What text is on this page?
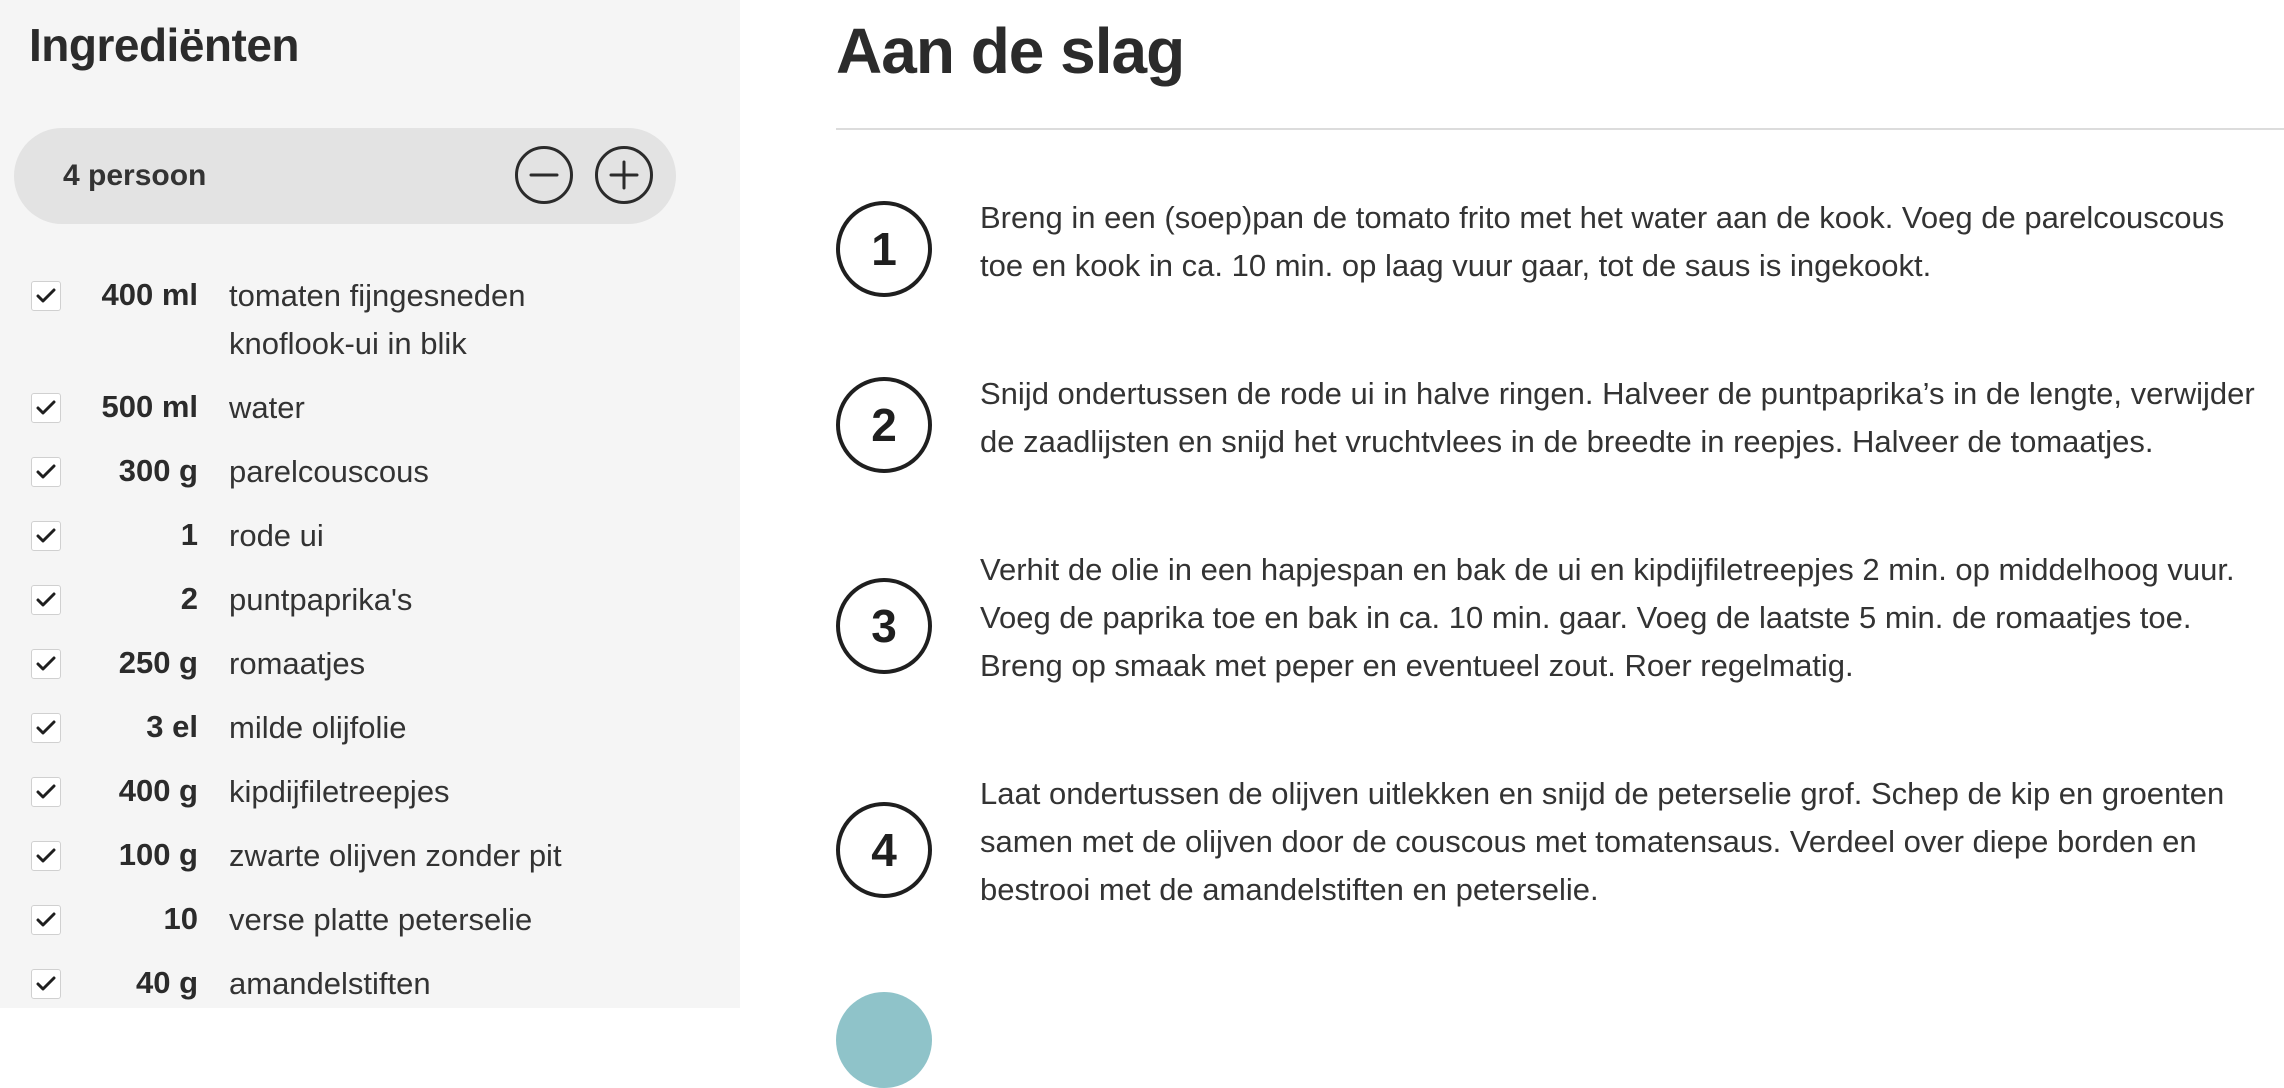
Ingrediënten
4 persoon
400 ml tomaten fijngesneden knoflook-ui in blik
500 ml water
300 g parelcouscous
1 rode ui
2 puntpaprika's
250 g romaatjes
3 el milde olijfolie
400 g kipdijfiletreepjes
100 g zwarte olijven zonder pit
10 verse platte peterselie
40 g amandelstiften
Aan de slag
1

Breng in een (soep)pan de tomato frito met het water aan de kook. Voeg de parelcouscous toe en kook in ca. 10 min. op laag vuur gaar, tot de saus is ingekookt.

2

Snijd ondertussen de rode ui in halve ringen. Halveer de puntpaprika’s in de lengte, verwijder de zaadlijsten en snijd het vruchtvlees in de breedte in reepjes. Halveer de tomaatjes.

3

Verhit de olie in een hapjespan en bak de ui en kipdijfiletreepjes 2 min. op middelhoog vuur. Voeg de paprika toe en bak in ca. 10 min. gaar. Voeg de laatste 5 min. de romaatjes toe. Breng op smaak met peper en eventueel zout. Roer regelmatig.

4

Laat ondertussen de olijven uitlekken en snijd de peterselie grof. Schep de kip en groenten samen met de olijven door de couscous met tomatensaus. Verdeel over diepe borden en bestrooi met de amandelstiften en peterselie.
